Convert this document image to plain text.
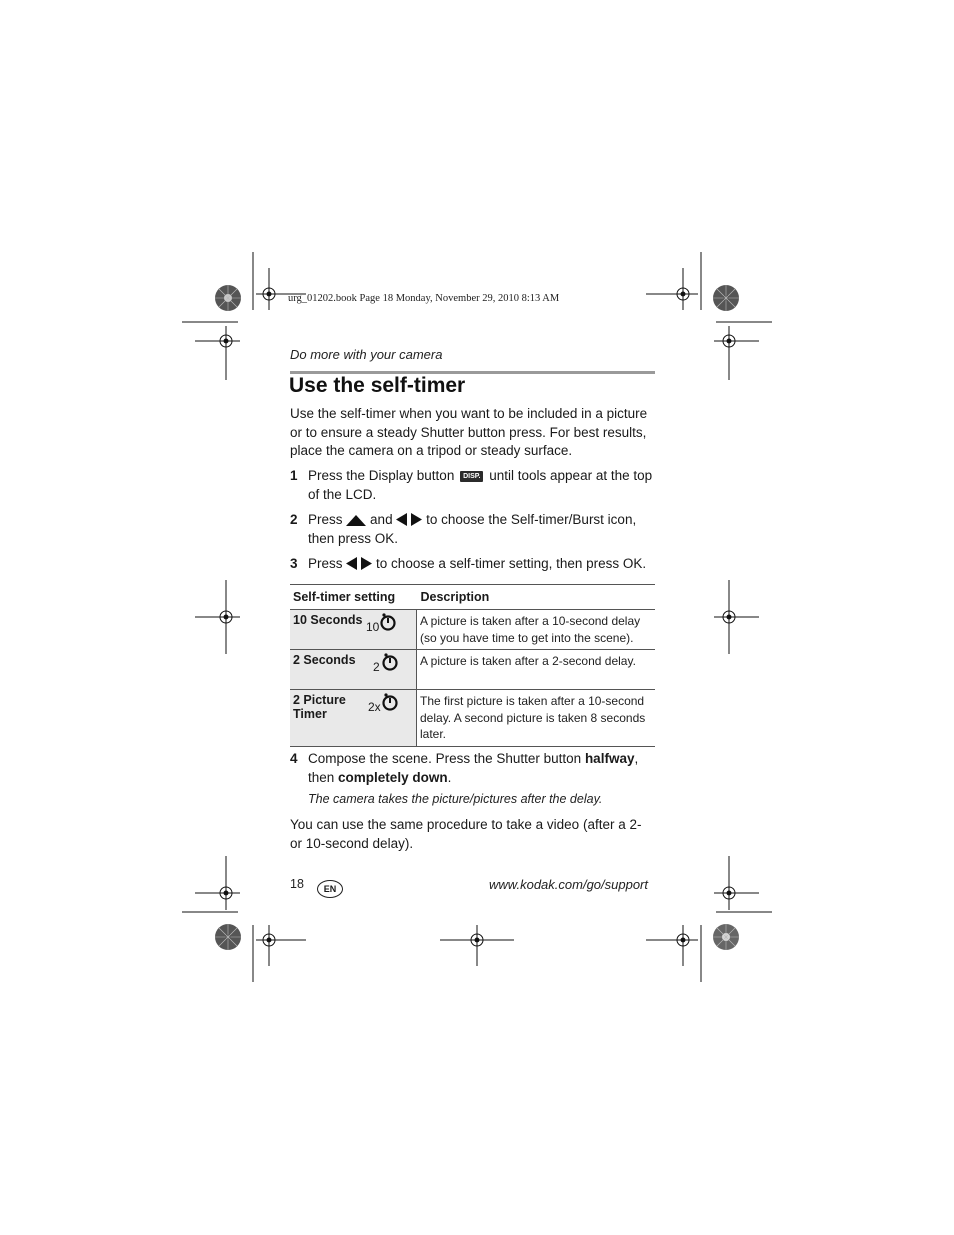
urg_01202.book Page 18 Monday, November 29, 2010 8:13 AM
Do more with your camera
Use the self-timer
Use the self-timer when you want to be included in a picture or to ensure a steady Shutter button press. For best results, place the camera on a tripod or steady surface.
1 Press the Display button DISP. until tools appear at the top of the LCD.
2 Press and to choose the Self-timer/Burst icon, then press OK.
3 Press to choose a self-timer setting, then press OK.
Self-timer setting	Description
10 Seconds 10	A picture is taken after a 10-second delay (so you have time to get into the scene).
2 Seconds 2	A picture is taken after a 2-second delay.
2 Picture Timer 2x	The first picture is taken after a 10-second delay. A second picture is taken 8 seconds later.
4 Compose the scene. Press the Shutter button halfway, then completely down.
The camera takes the picture/pictures after the delay.
You can use the same procedure to take a video (after a 2- or 10-second delay).
18	EN	www.kodak.com/go/support
